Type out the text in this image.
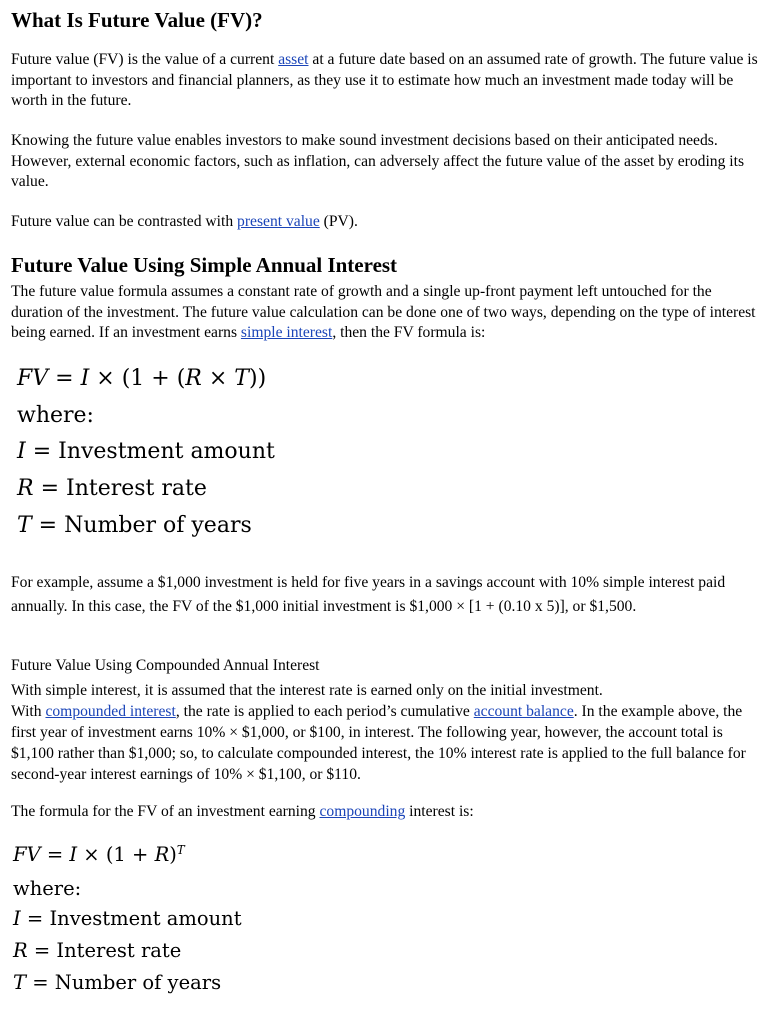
What Is Future Value (FV)?

Future value (FV) is the value of a current asset at a future date based on an assumed rate of growth. The future value is important to investors and financial planners, as they use it to estimate how much an investment made today will be worth in the future.

Knowing the future value enables investors to make sound investment decisions based on their anticipated needs. However, external economic factors, such as inflation, can adversely affect the future value of the asset by eroding its value.

Future value can be contrasted with present value (PV).

Future Value Using Simple Annual Interest

The future value formula assumes a constant rate of growth and a single up-front payment left untouched for the duration of the investment. The future value calculation can be done one of two ways, depending on the type of interest being earned. If an investment earns simple interest, then the FV formula is:

FV = I × (1 + (R × T))
where:
I = Investment amount
R = Interest rate
T = Number of years

For example, assume a $1,000 investment is held for five years in a savings account with 10% simple interest paid annually. In this case, the FV of the $1,000 initial investment is $1,000 × [1 + (0.10 x 5)], or $1,500.

Future Value Using Compounded Annual Interest

With simple interest, it is assumed that the interest rate is earned only on the initial investment.
With compounded interest, the rate is applied to each period’s cumulative account balance. In the example above, the first year of investment earns 10% × $1,000, or $100, in interest. The following year, however, the account total is $1,100 rather than $1,000; so, to calculate compounded interest, the 10% interest rate is applied to the full balance for second-year interest earnings of 10% × $1,100, or $110.

The formula for the FV of an investment earning compounding interest is:

FV = $I \times (1 + R)^T$
where:
I = Investment amount
R = Interest rate
T = Number of years
